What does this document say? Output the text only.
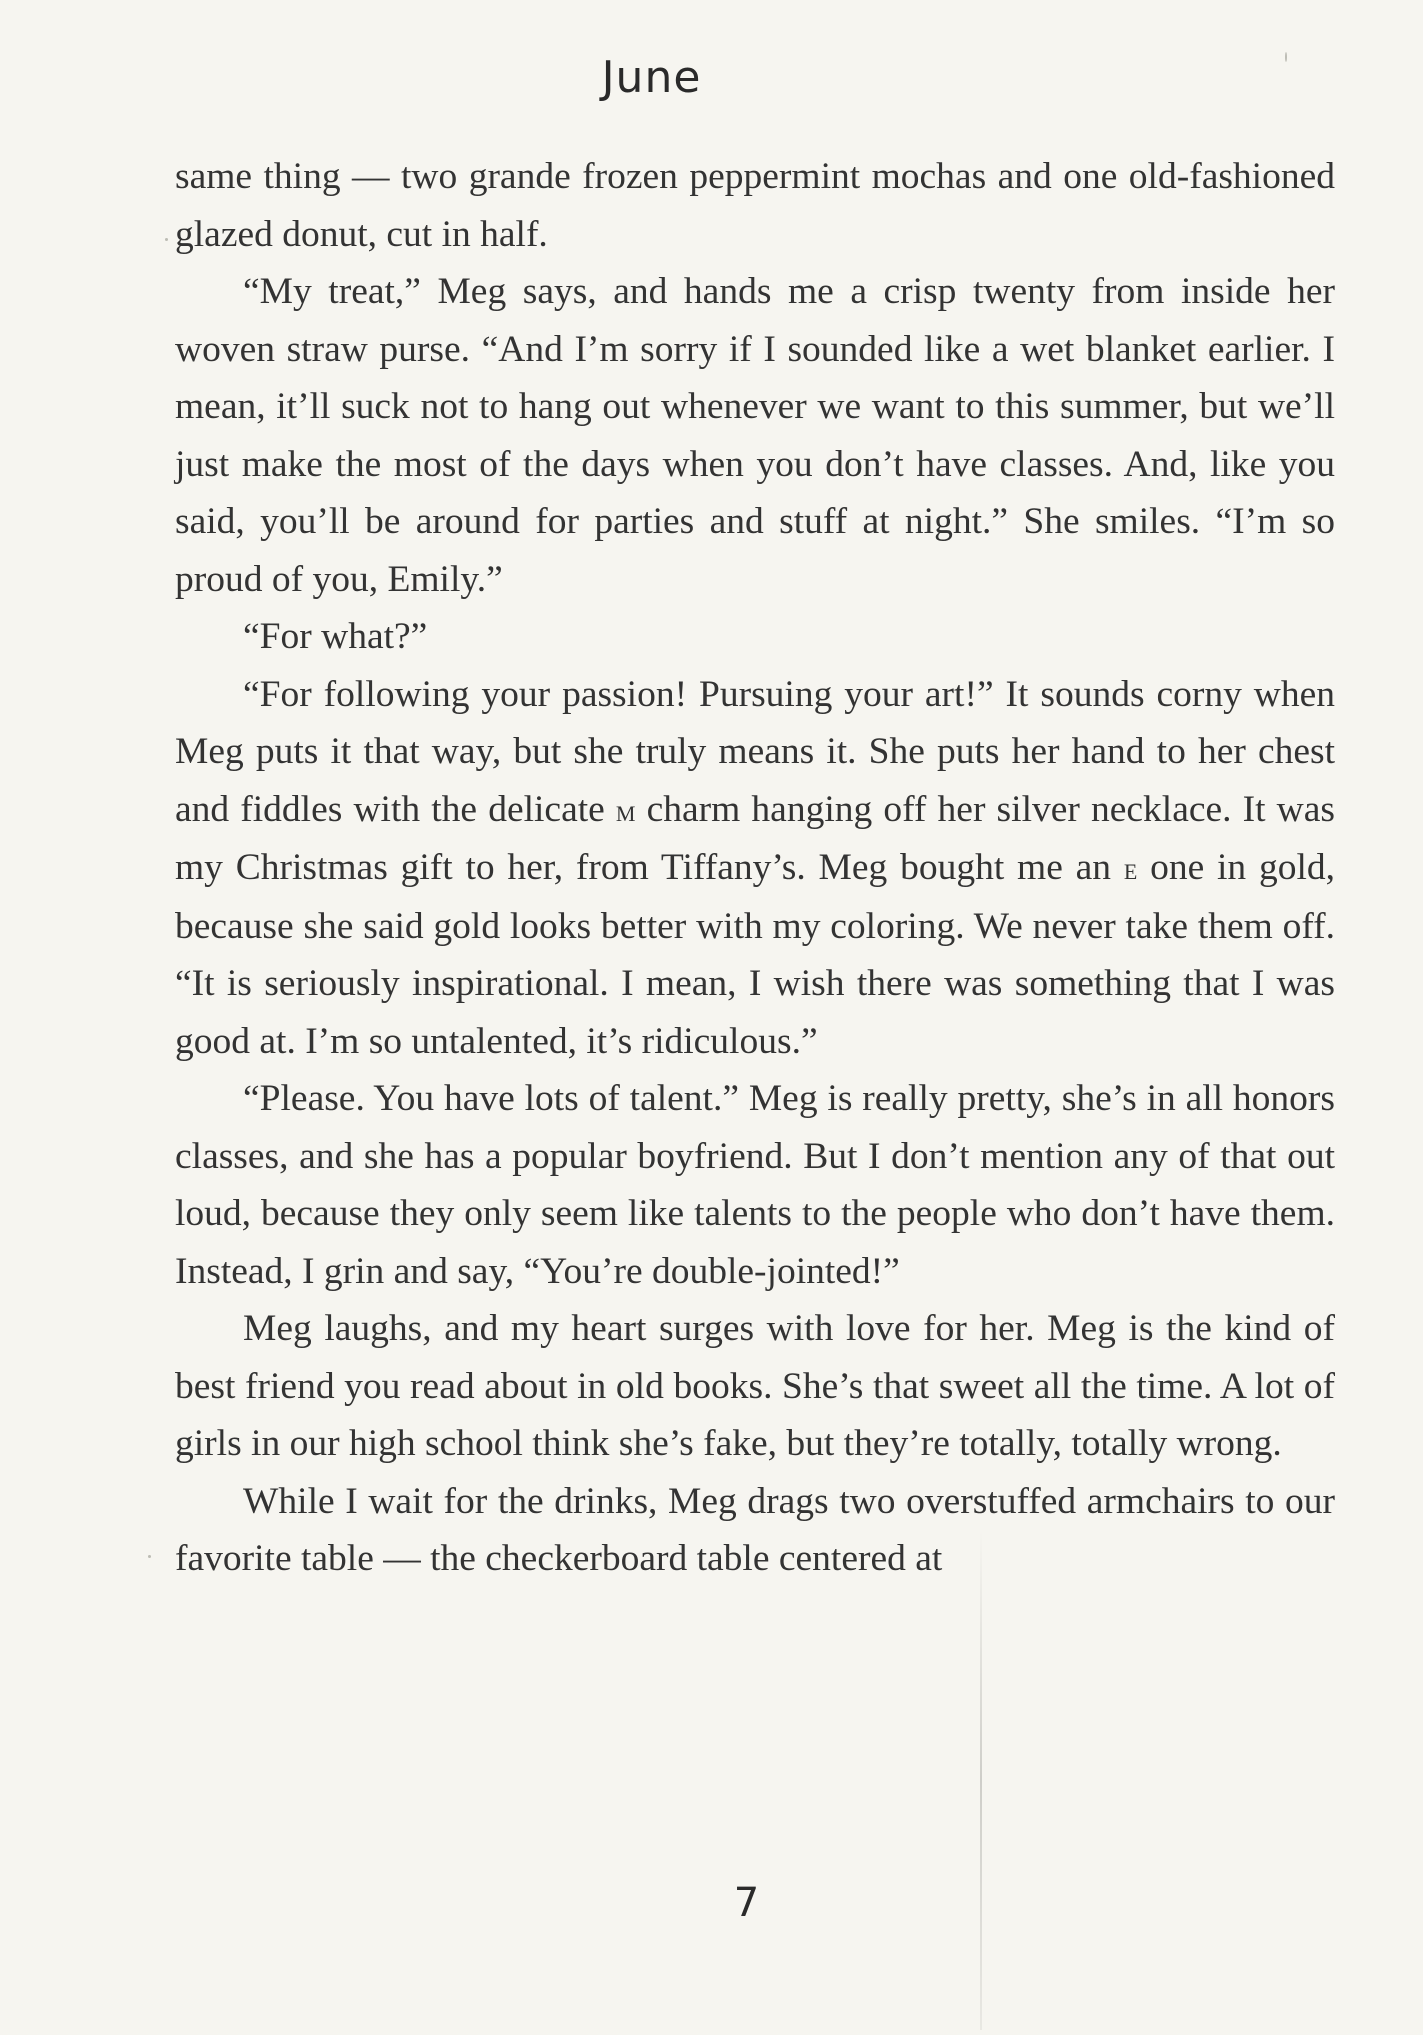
June

same thing — two grande frozen peppermint mochas and one old-fashioned glazed donut, cut in half.

“My treat,” Meg says, and hands me a crisp twenty from inside her woven straw purse. “And I’m sorry if I sounded like a wet blanket earlier. I mean, it’ll suck not to hang out whenever we want to this summer, but we’ll just make the most of the days when you don’t have classes. And, like you said, you’ll be around for parties and stuff at night.” She smiles. “I’m so proud of you, Emily.”

“For what?”

“For following your passion! Pursuing your art!” It sounds corny when Meg puts it that way, but she truly means it. She puts her hand to her chest and fiddles with the delicate m charm hanging off her silver necklace. It was my Christmas gift to her, from Tiffany’s. Meg bought me an e one in gold, because she said gold looks better with my coloring. We never take them off. “It is seriously inspirational. I mean, I wish there was something that I was good at. I’m so untalented, it’s ridiculous.”

“Please. You have lots of talent.” Meg is really pretty, she’s in all honors classes, and she has a popular boyfriend. But I don’t mention any of that out loud, because they only seem like talents to the people who don’t have them. Instead, I grin and say, “You’re double-jointed!”

Meg laughs, and my heart surges with love for her. Meg is the kind of best friend you read about in old books. She’s that sweet all the time. A lot of girls in our high school think she’s fake, but they’re totally, totally wrong.

While I wait for the drinks, Meg drags two overstuffed armchairs to our favorite table — the checkerboard table centered at

7
